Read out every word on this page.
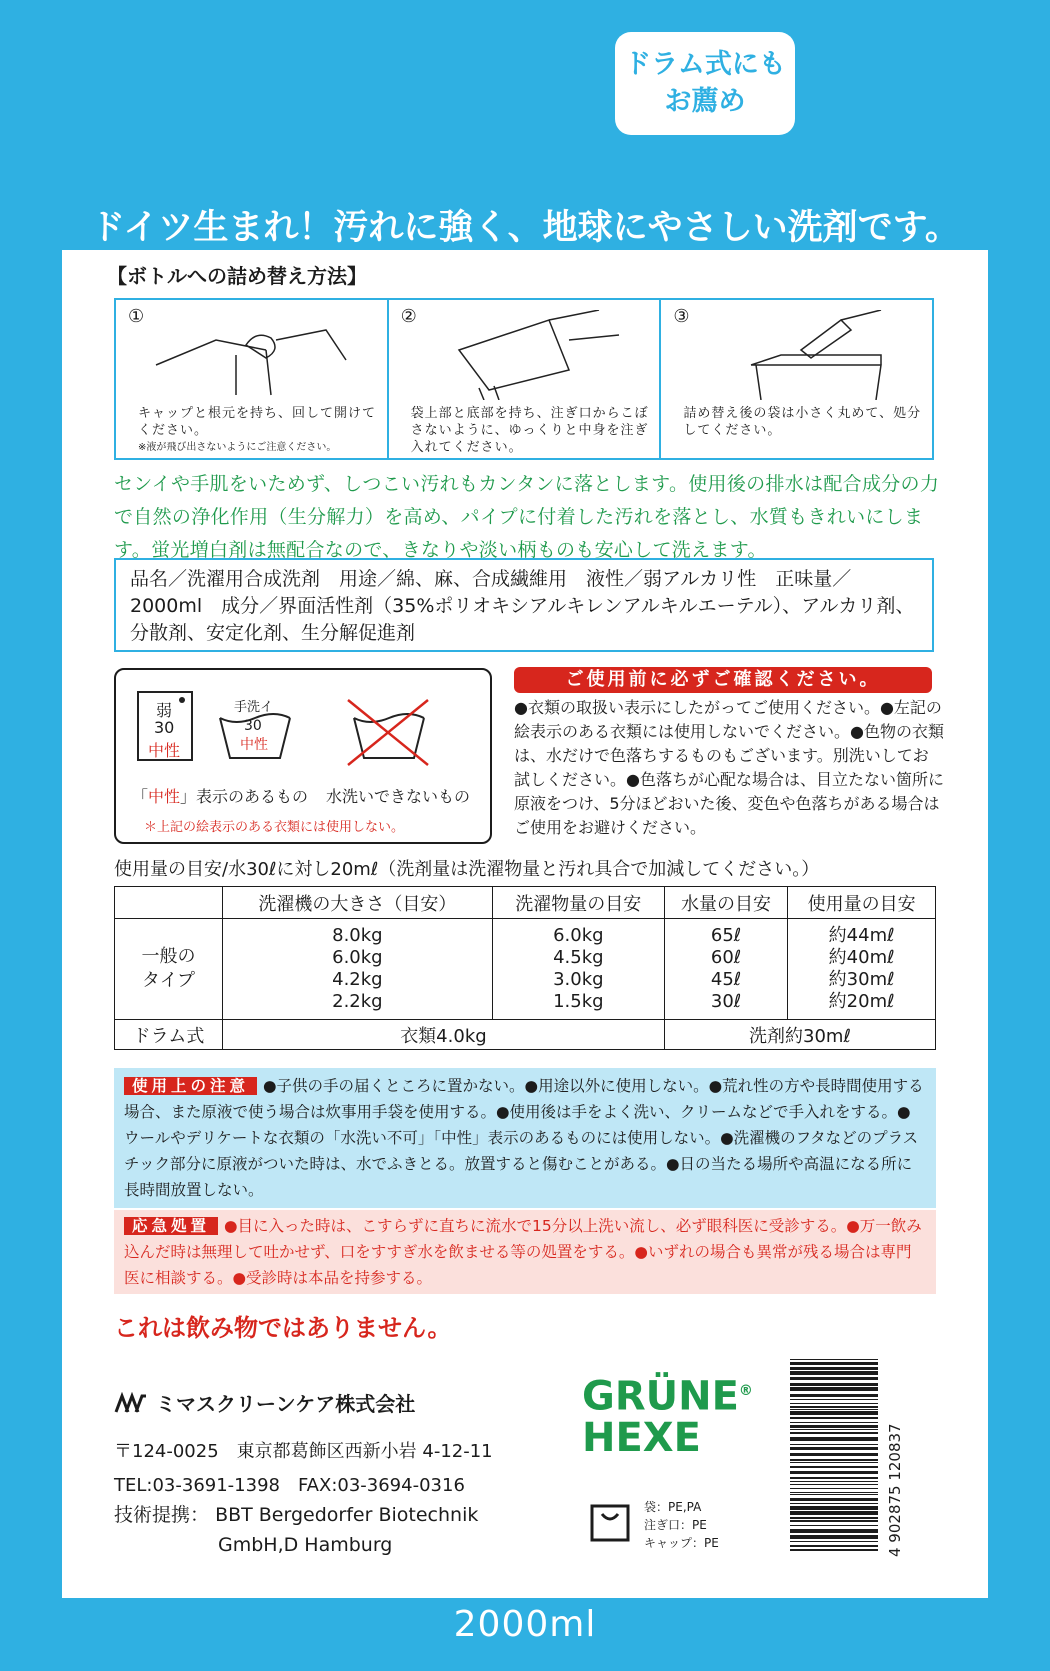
ドラム式にも
お薦め
ドイツ生まれ！汚れに強く、地球にやさしい洗剤です。
【ボトルへの詰め替え方法】
①
キャップと根元を持ち、回して開けてください。
※液が飛び出さないようにご注意ください。
②
袋上部と底部を持ち、注ぎ口からこぼさないように、ゆっくりと中身を注ぎ入れてください。
③
詰め替え後の袋は小さく丸めて、処分してください。
センイや手肌をいためず、しつこい汚れもカンタンに落とします。使用後の排水は配合成分の力で自然の浄化作用（生分解力）を高め、パイプに付着した汚れを落とし、水質もきれいにします。蛍光増白剤は無配合なので、きなりや淡い柄ものも安心して洗えます。
品名／洗濯用合成洗剤　用途／綿、麻、合成繊維用　液性／弱アルカリ性　正味量／2000ml　成分／界面活性剤（35%ポリオキシアルキレンアルキルエーテル）、アルカリ剤、分散剤、安定化剤、生分解促進剤
弱
30
中性
手洗イ
30
中性
「中性」表示のあるもの 水洗いできないもの
＊上記の絵表示のある衣類には使用しない。
ご使用前に必ずご確認ください。
●衣類の取扱い表示にしたがってご使用ください。●左記の絵表示のある衣類には使用しないでください。●色物の衣類は、水だけで色落ちするものもございます。別洗いしてお試しください。●色落ちが心配な場合は、目立たない箇所に原液をつけ、5分ほどおいた後、変色や色落ちがある場合はご使用をお避けください。
使用量の目安/水30ℓに対し20mℓ（洗剤量は洗濯物量と汚れ具合で加減してください。）
	洗濯機の大きさ（目安）	洗濯物量の目安	水量の目安	使用量の目安
一般の
タイプ	8.0kg
6.0kg
4.2kg
2.2kg	6.0kg
4.5kg
3.0kg
1.5kg	65ℓ
60ℓ
45ℓ
30ℓ	約44mℓ
約40mℓ
約30mℓ
約20mℓ
ドラム式	衣類4.0kg		洗剤約30mℓ	
使用上の注意 ●子供の手の届くところに置かない。●用途以外に使用しない。●荒れ性の方や長時間使用する場合、また原液で使う場合は炊事用手袋を使用する。●使用後は手をよく洗い、クリームなどで手入れをする。●ウールやデリケートな衣類の「水洗い不可」「中性」表示のあるものには使用しない。●洗濯機のフタなどのプラスチック部分に原液がついた時は、水でふきとる。放置すると傷むことがある。●日の当たる場所や高温になる所に長時間放置しない。
応急処置 ●目に入った時は、こすらずに直ちに流水で15分以上洗い流し、必ず眼科医に受診する。●万一飲み込んだ時は無理して吐かせず、口をすすぎ水を飲ませる等の処置をする。●いずれの場合も異常が残る場合は専門医に相談する。●受診時は本品を持参する。
これは飲み物ではありません。
ミマスクリーンケア株式会社
〒124-0025　東京都葛飾区西新小岩 4-12-11
TEL:03-3691-1398　FAX:03-3694-0316
技術提携： BBT Bergedorfer Biotechnik
GmbH,D Hamburg
GRÜNE®
HEXE
袋：PE,PA
注ぎ口：PE
キャップ：PE	4 902875 120837
2000ml
